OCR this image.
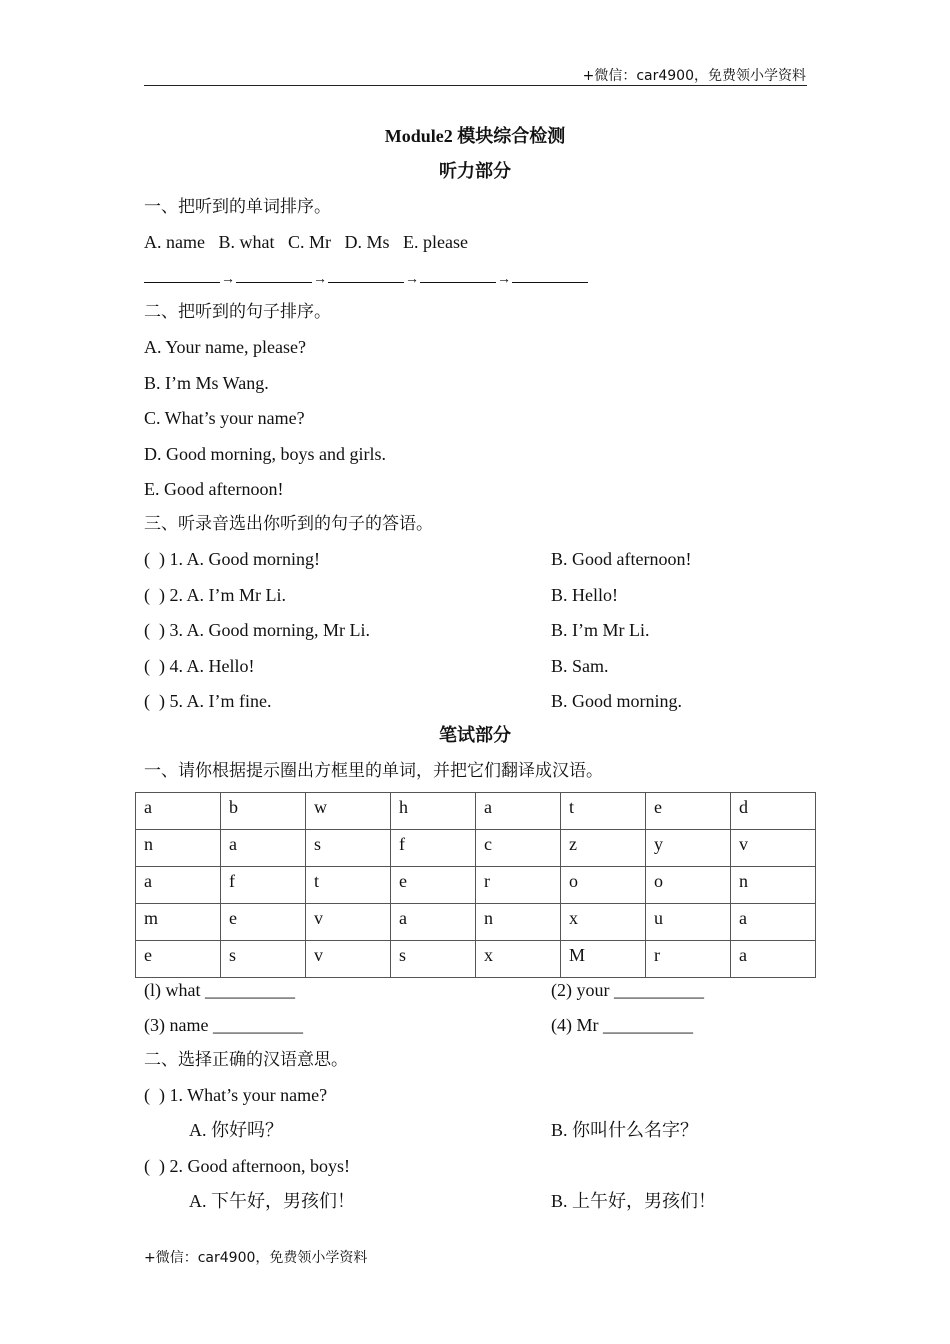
+微信：car4900，免费领小学资料
Module2 模块综合检测
听力部分
一、把听到的单词排序。
A. name   B. what   C. Mr   D. Ms   E. please
→	→	→	→
二、把听到的句子排序。
A. Your name, please?
B. I’m Ms Wang.
C. What’s your name?
D. Good morning, boys and girls.
E. Good afternoon!
三、听录音选出你听到的句子的答语。
(  ) 1. A. Good morning!	B. Good afternoon!
(  ) 2. A. I’m Mr Li.	B. Hello!
(  ) 3. A. Good morning, Mr Li.	B. I’m Mr Li.
(  ) 4. A. Hello!	B. Sam.
(  ) 5. A. I’m fine.	B. Good morning.
笔试部分
一、请你根据提示圈出方框里的单词，并把它们翻译成汉语。
a	b	w	h	a	t	e	d
n	a	s	f	c	z	y	v
a	f	t	e	r	o	o	n
m	e	v	a	n	x	u	a
e	s	v	s	x	M	r	a
(l) what __________	(2) your __________
(3) name __________	(4) Mr __________
二、选择正确的汉语意思。
(  ) 1. What’s your name?
A. 你好吗？	B. 你叫什么名字？
(  ) 2. Good afternoon, boys!
A. 下午好，男孩们！	B. 上午好，男孩们！
+微信：car4900，免费领小学资料
